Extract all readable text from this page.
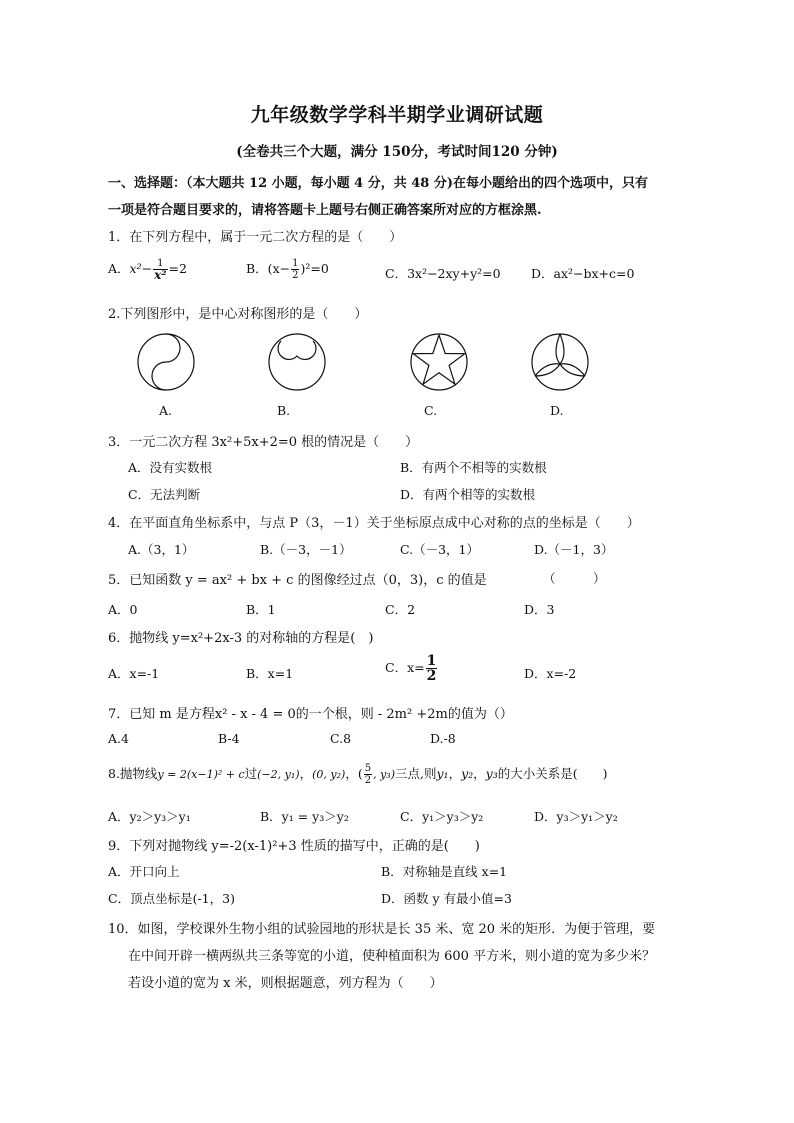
九年级数学学科半期学业调研试题
(全卷共三个大题，满分 150分，考试时间120 分钟)
一、选择题：（本大题共 12 小题，每小题 4 分，共 48 分)在每小题给出的四个选项中，只有
一项是符合题目要求的，请将答题卡上题号右侧正确答案所对应的方框涂黑.
1．在下列方程中，属于一元二次方程的是（　　）
A．$x^2- \frac{1}{\text{x²}} =2$	B．$(x- \frac{1}{2} )^2=0$	C．3x²−2xy+y²=0 D．ax²−bx+c=0
2.下列图形中，是中心对称图形的是（　　）
A.	B.	C.	D.
3．一元二次方程 3x²+5x+2=0 根的情况是（　　）
A．没有实数根	B．有两个不相等的实数根
C．无法判断	D．有两个相等的实数根
4．在平面直角坐标系中，与点 P（3，－1）关于坐标原点成中心对称的点的坐标是（　　）
A.（3，1）	B.（－3，－1）	C.（－3，1）	D.（－1，3）
5．已知函数 y = ax² + bx + c 的图像经过点（0，3)，c 的值是	（　　　）
A．0	B．1	C．2	D．3
6．抛物线 y=x²+2x-3 的对称轴的方程是(　)
A．x=-1	B．x=1	C．$x= \frac{1}{2}$	D．x=-2
7．已知 m 是方程x² - x - 4 = 0的一个根，则 - 2m² +2m的值为（）
A.4	B-4	C.8	D.-8
8.抛物线y = 2(x−1)² + c过(−2, y₁)，(0, y₂)，( $\frac{5}{2}$ , y₃)三点,则y₁，y₂，y₃的大小关系是(　　)
A．y₂＞y₃＞y₁	B．y₁ = y₃＞y₂	C．y₁＞y₃＞y₂	D．y₃＞y₁＞y₂
9．下列对抛物线 y=-2(x-1)²+3 性质的描写中，正确的是(　　)
A．开口向上	B．对称轴是直线 x=1
C．顶点坐标是(-1，3)	D．函数 y 有最小值=3
10．如图，学校课外生物小组的试验园地的形状是长 35 米、宽 20 米的矩形．为便于管理，要
在中间开辟一横两纵共三条等宽的小道，使种植面积为 600 平方米，则小道的宽为多少米？
若设小道的宽为 x 米，则根据题意，列方程为（　　）
